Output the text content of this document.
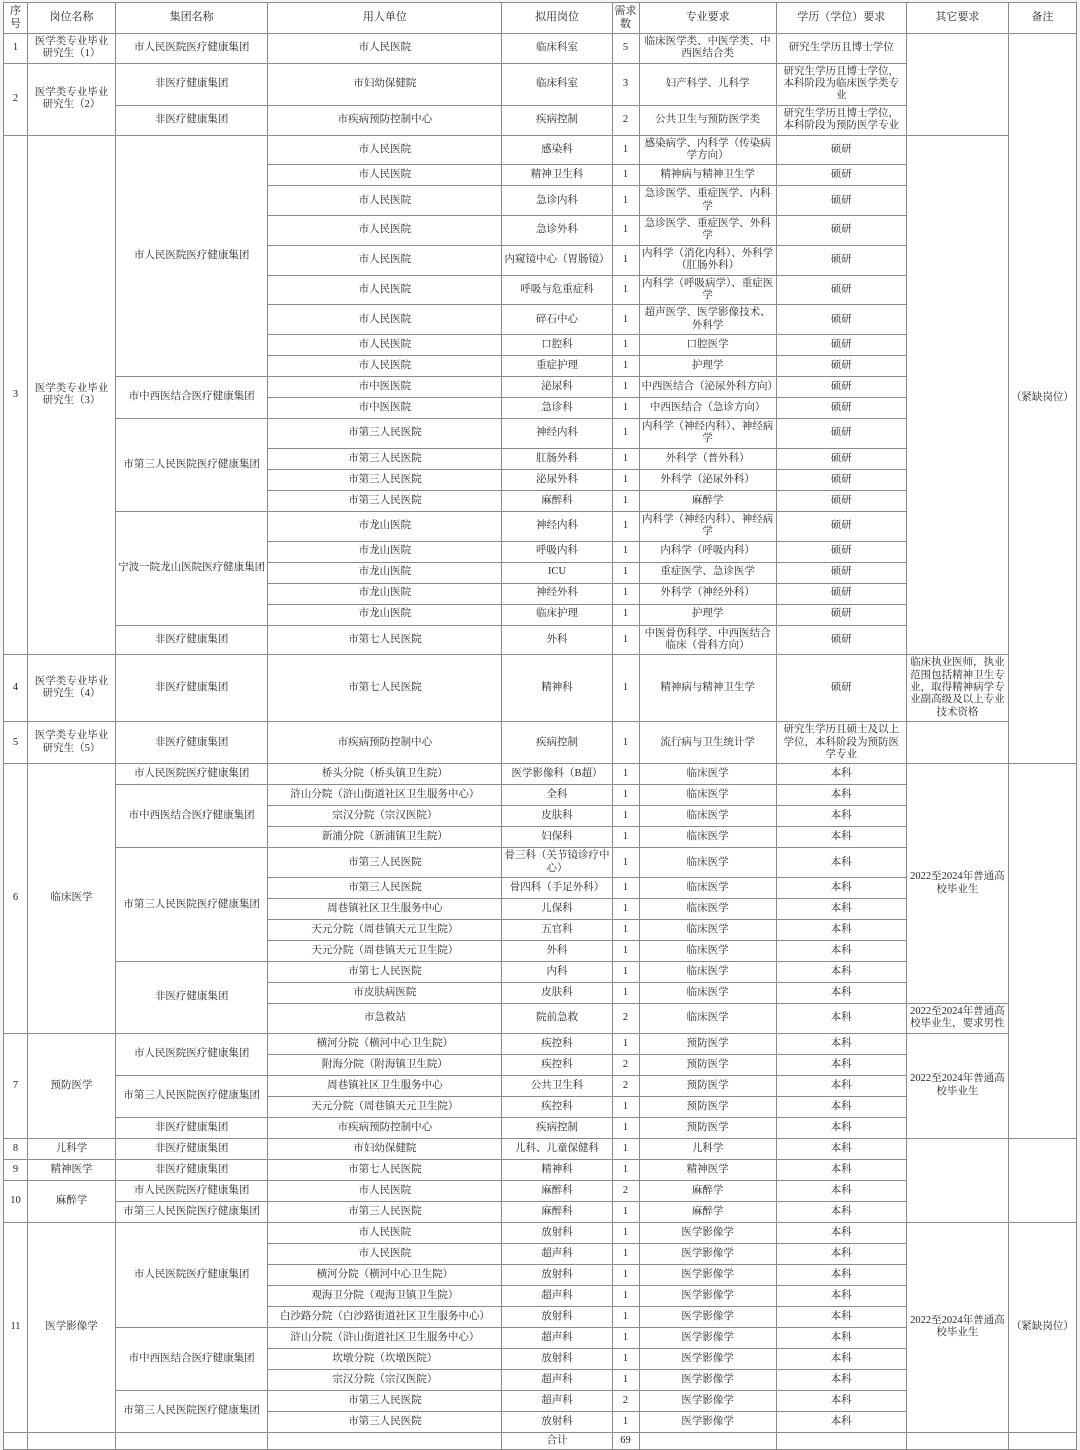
序号	岗位名称	集团名称	用人单位	拟用岗位	需求数	专业要求	学历（学位）要求	其它要求	备注
1	医学类专业毕业 研究生（1）	市人民医院医疗健康集团	市人民医院	临床科室	5	临床医学类、中医学类、中西医结合类	研究生学历且博士学位		（紧缺岗位）
2	医学类专业毕业 研究生（2）	非医疗健康集团	市妇幼保健院	临床科室	3	妇产科学、儿科学	研究生学历且博士学位，本科阶段为临床医学类专业		
		非医疗健康集团	市疾病预防控制中心	疾病控制	2	公共卫生与预防医学类	研究生学历且博士学位，本科阶段为预防医学专业		
3	医学类专业毕业 研究生（3）	市人民医院医疗健康集团	市人民医院	感染科	1	感染病学、内科学（传染病学方向）	硕研		
			市人民医院	精神卫生科	1	精神病与精神卫生学	硕研		
			市人民医院	急诊内科	1	急诊医学、重症医学、内科学	硕研		
			市人民医院	急诊外科	1	急诊医学、重症医学、外科学	硕研		
			市人民医院	内窥镜中心（胃肠镜）	1	内科学（消化内科）、外科学（肛肠外科）	硕研		
			市人民医院	呼吸与危重症科	1	内科学（呼吸病学）、重症医学	硕研		
			市人民医院	碎石中心	1	超声医学、医学影像技术、外科学	硕研		
			市人民医院	口腔科	1	口腔医学	硕研		
			市人民医院	重症护理	1	护理学	硕研		
		市中西医结合医疗健康集团	市中医医院	泌尿科	1	中西医结合（泌尿外科方向）	硕研		
			市中医医院	急诊科	1	中西医结合（急诊方向）	硕研		
		市第三人民医院医疗健康集团	市第三人民医院	神经内科	1	内科学（神经内科）、神经病学	硕研		
			市第三人民医院	肛肠外科	1	外科学（普外科）	硕研		
			市第三人民医院	泌尿外科	1	外科学（泌尿外科）	硕研		
			市第三人民医院	麻醉科	1	麻醉学	硕研		
		宁波一院龙山医院医疗健康集团	市龙山医院	神经内科	1	内科学（神经内科）、神经病学	硕研		
			市龙山医院	呼吸内科	1	内科学（呼吸内科）	硕研		
			市龙山医院	ICU	1	重症医学、急诊医学	硕研		
			市龙山医院	神经外科	1	外科学（神经外科）	硕研		
			市龙山医院	临床护理	1	护理学	硕研		
		非医疗健康集团	市第七人民医院	外科	1	中医骨伤科学、中西医结合临床（骨科方向）	硕研		
4	医学类专业毕业 研究生（4）	非医疗健康集团	市第七人民医院	精神科	1	精神病与精神卫生学	硕研	临床执业医师，执业范围包括精神卫生专业，取得精神病学专业副高级及以上专业技术资格	
5	医学类专业毕业 研究生（5）	非医疗健康集团	市疾病预防控制中心	疾病控制	1	流行病与卫生统计学	研究生学历且硕士及以上学位，本科阶段为预防医学专业		
6	临床医学	市人民医院医疗健康集团	桥头分院（桥头镇卫生院）	医学影像科（B超）	1	临床医学	本科	2022至2024年普通高校毕业生	
		市中西医结合医疗健康集团	浒山分院（浒山街道社区卫生服务中心）	全科	1	临床医学	本科		
			宗汉分院（宗汉医院）	皮肤科	1	临床医学	本科		
			新浦分院（新浦镇卫生院）	妇保科	1	临床医学	本科		
		市第三人民医院医疗健康集团	市第三人民医院	骨三科（关节镜诊疗中心）	1	临床医学	本科		
			市第三人民医院	骨四科（手足外科）	1	临床医学	本科		
			周巷镇社区卫生服务中心	儿保科	1	临床医学	本科		
			天元分院（周巷镇天元卫生院）	五官科	1	临床医学	本科		
			天元分院（周巷镇天元卫生院）	外科	1	临床医学	本科		
		非医疗健康集团	市第七人民医院	内科	1	临床医学	本科		
			市皮肤病医院	皮肤科	1	临床医学	本科		
			市急救站	院前急救	2	临床医学	本科	2022至2024年普通高校毕业生，要求男性	
7	预防医学	市人民医院医疗健康集团	横河分院（横河中心卫生院）	疾控科	1	预防医学	本科	2022至2024年普通高校毕业生	
			附海分院（附海镇卫生院）	疾控科	2	预防医学	本科		
		市第三人民医院医疗健康集团	周巷镇社区卫生服务中心	公共卫生科	2	预防医学	本科		
			天元分院（周巷镇天元卫生院）	疾控科	1	预防医学	本科		
		非医疗健康集团	市疾病预防控制中心	疾病控制	1	预防医学	本科		
8	儿科学	非医疗健康集团	市妇幼保健院	儿科、儿童保健科	1	儿科学	本科		
9	精神医学	非医疗健康集团	市第七人民医院	精神科	1	精神医学	本科		
10	麻醉学	市人民医院医疗健康集团	市人民医院	麻醉科	2	麻醉学	本科		
		市第三人民医院医疗健康集团	市第三人民医院	麻醉科	1	麻醉学	本科		
11	医学影像学	市人民医院医疗健康集团	市人民医院	放射科	1	医学影像学	本科	2022至2024年普通高校毕业生	（紧缺岗位）
			市人民医院	超声科	1	医学影像学	本科		
			横河分院（横河中心卫生院）	放射科	1	医学影像学	本科		
			观海卫分院（观海卫镇卫生院）	超声科	1	医学影像学	本科		
			白沙路分院（白沙路街道社区卫生服务中心）	放射科	1	医学影像学	本科		
		市中西医结合医疗健康集团	浒山分院（浒山街道社区卫生服务中心）	超声科	1	医学影像学	本科		
			坎墩分院（坎墩医院）	放射科	1	医学影像学	本科		
			宗汉分院（宗汉医院）	超声科	1	医学影像学	本科		
		市第三人民医院医疗健康集团	市第三人民医院	超声科	2	医学影像学	本科		
			市第三人民医院	放射科	1	医学影像学	本科		
				合计	69				
